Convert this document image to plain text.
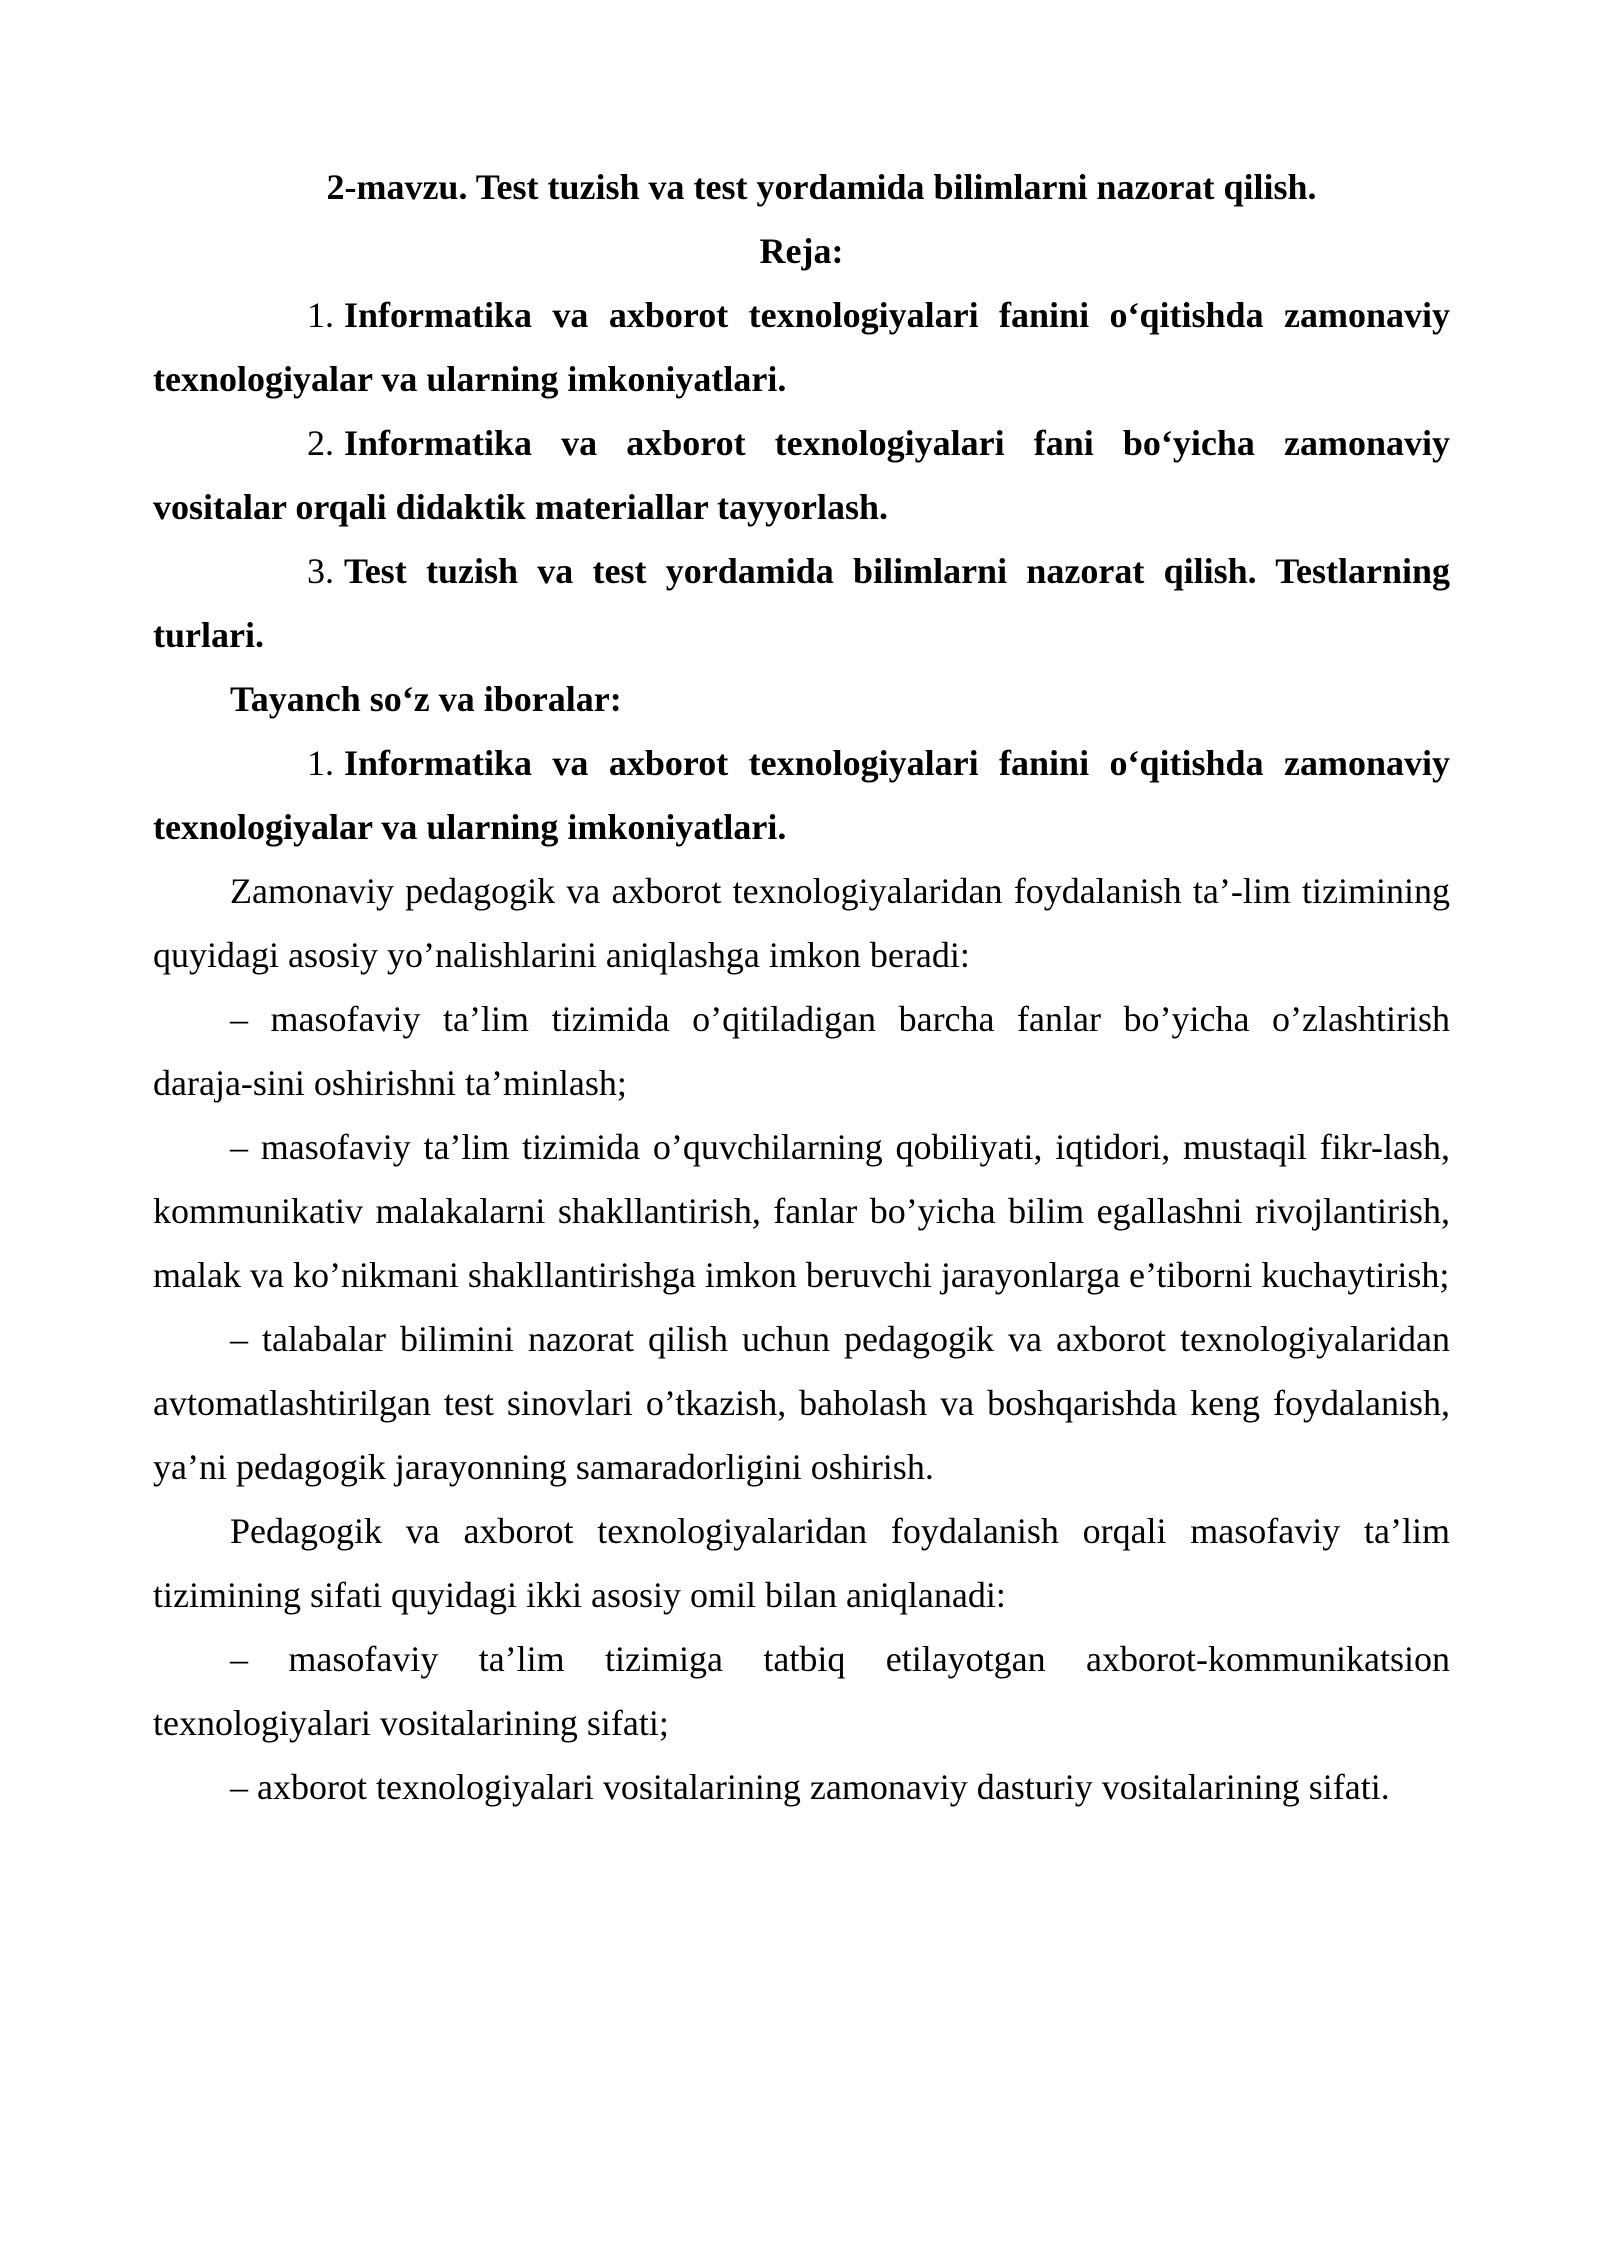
2-mavzu. Test tuzish va test yordamida bilimlarni nazorat qilish.

Reja:

1. Informatika va axborot texnologiyalari fanini o‘qitishda zamonaviy texnologiyalar va ularning imkoniyatlari.

2. Informatika va axborot texnologiyalari fani bo‘yicha zamonaviy vositalar orqali didaktik materiallar tayyorlash.

3. Test tuzish va test yordamida bilimlarni nazorat qilish. Testlarning turlari.

Tayanch so‘z va iboralar:

1. Informatika va axborot texnologiyalari fanini o‘qitishda zamonaviy texnologiyalar va ularning imkoniyatlari.

Zamonaviy pedagogik va axborot texnologiyalaridan foydalanish ta’-lim tizimining quyidagi asosiy yo’nalishlarini aniqlashga imkon beradi:

– masofaviy ta’lim tizimida o’qitiladigan barcha fanlar bo’yicha o’zlashtirish daraja-sini oshirishni ta’minlash;

– masofaviy ta’lim tizimida o’quvchilarning qobiliyati, iqtidori, mustaqil fikr-lash, kommunikativ malakalarni shakllantirish, fanlar bo’yicha bilim egallashni rivojlantirish, malak va ko’nikmani shakllantirishga imkon beruvchi jarayonlarga e’tiborni kuchaytirish;

– talabalar bilimini nazorat qilish uchun pedagogik va axborot texnologiyalaridan avtomatlashtirilgan test sinovlari o’tkazish, baholash va boshqarishda keng foydalanish, ya’ni pedagogik jarayonning samaradorligini oshirish.

Pedagogik va axborot texnologiyalaridan foydalanish orqali masofaviy ta’lim tizimining sifati quyidagi ikki asosiy omil bilan aniqlanadi:

– masofaviy ta’lim tizimiga tatbiq etilayotgan axborot-kommunikatsion texnologiyalari vositalarining sifati;

– axborot texnologiyalari vositalarining zamonaviy dasturiy vositalarining sifati.
